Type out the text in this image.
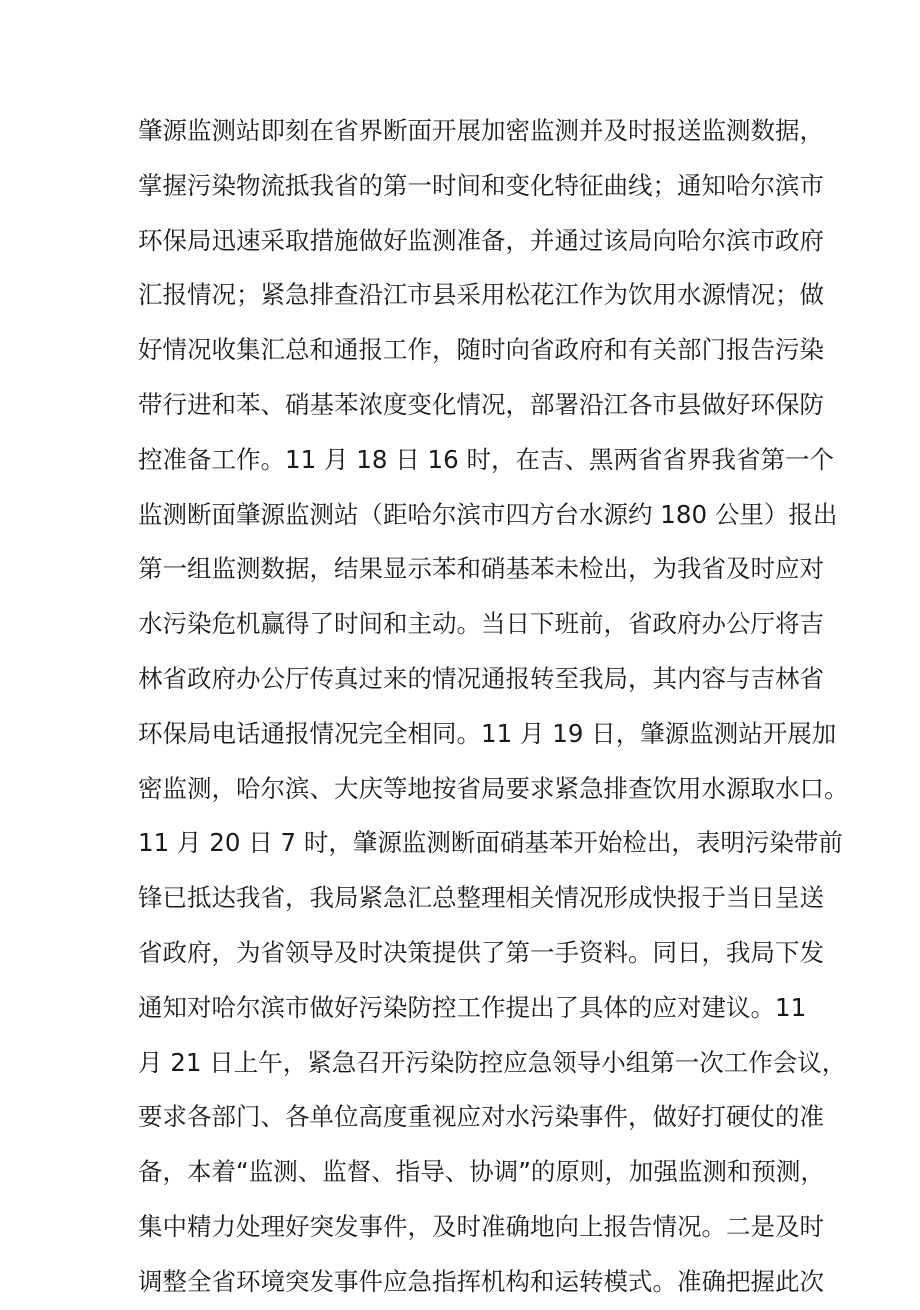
肇源监测站即刻在省界断面开展加密监测并及时报送监测数据，
掌握污染物流抵我省的第一时间和变化特征曲线；通知哈尔滨市
环保局迅速采取措施做好监测准备，并通过该局向哈尔滨市政府
汇报情况；紧急排查沿江市县采用松花江作为饮用水源情况；做
好情况收集汇总和通报工作，随时向省政府和有关部门报告污染
带行进和苯、硝基苯浓度变化情况，部署沿江各市县做好环保防
控准备工作。11 月 18 日 16 时，在吉、黑两省省界我省第一个
监测断面肇源监测站（距哈尔滨市四方台水源约 180 公里）报出
第一组监测数据，结果显示苯和硝基苯未检出，为我省及时应对
水污染危机赢得了时间和主动。当日下班前，省政府办公厅将吉
林省政府办公厅传真过来的情况通报转至我局，其内容与吉林省
环保局电话通报情况完全相同。11 月 19 日，肇源监测站开展加
密监测，哈尔滨、大庆等地按省局要求紧急排查饮用水源取水口。
11 月 20 日 7 时，肇源监测断面硝基苯开始检出，表明污染带前
锋已抵达我省，我局紧急汇总整理相关情况形成快报于当日呈送
省政府，为省领导及时决策提供了第一手资料。同日，我局下发
通知对哈尔滨市做好污染防控工作提出了具体的应对建议。11
月 21 日上午，紧急召开污染防控应急领导小组第一次工作会议，
要求各部门、各单位高度重视应对水污染事件，做好打硬仗的准
备，本着“监测、监督、指导、协调”的原则，加强监测和预测，
集中精力处理好突发事件，及时准确地向上报告情况。二是及时
调整全省环境突发事件应急指挥机构和运转模式。准确把握此次
